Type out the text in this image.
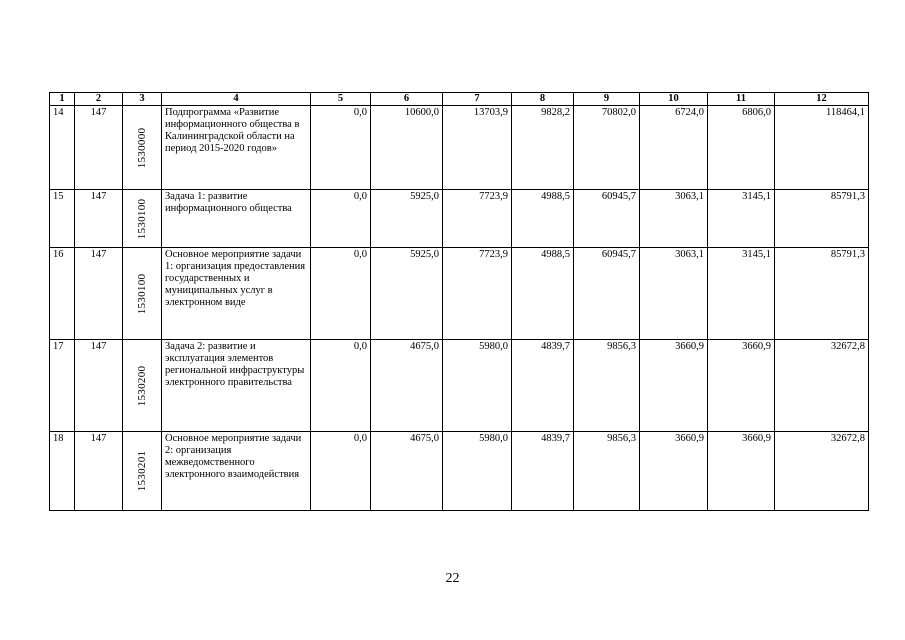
1	2	3	4	5	6	7	8	9	10	11	12
14	147	1530000	Подпрограмма «Развитие информационного общества в Калининградской области на период 2015-2020 годов»	0,0	10600,0	13703,9	9828,2	70802,0	6724,0	6806,0	118464,1
15	147	1530100	Задача 1: развитие информационного общества	0,0	5925,0	7723,9	4988,5	60945,7	3063,1	3145,1	85791,3
16	147	1530100	Основное мероприятие задачи 1: организация предоставления государственных и муниципальных услуг в электронном виде	0,0	5925,0	7723,9	4988,5	60945,7	3063,1	3145,1	85791,3
17	147	1530200	Задача 2: развитие и эксплуатация элементов региональной инфраструктуры электронного правительства	0,0	4675,0	5980,0	4839,7	9856,3	3660,9	3660,9	32672,8
18	147	1530201	Основное мероприятие задачи 2: организация межведомственного электронного взаимодействия	0,0	4675,0	5980,0	4839,7	9856,3	3660,9	3660,9	32672,8
22
